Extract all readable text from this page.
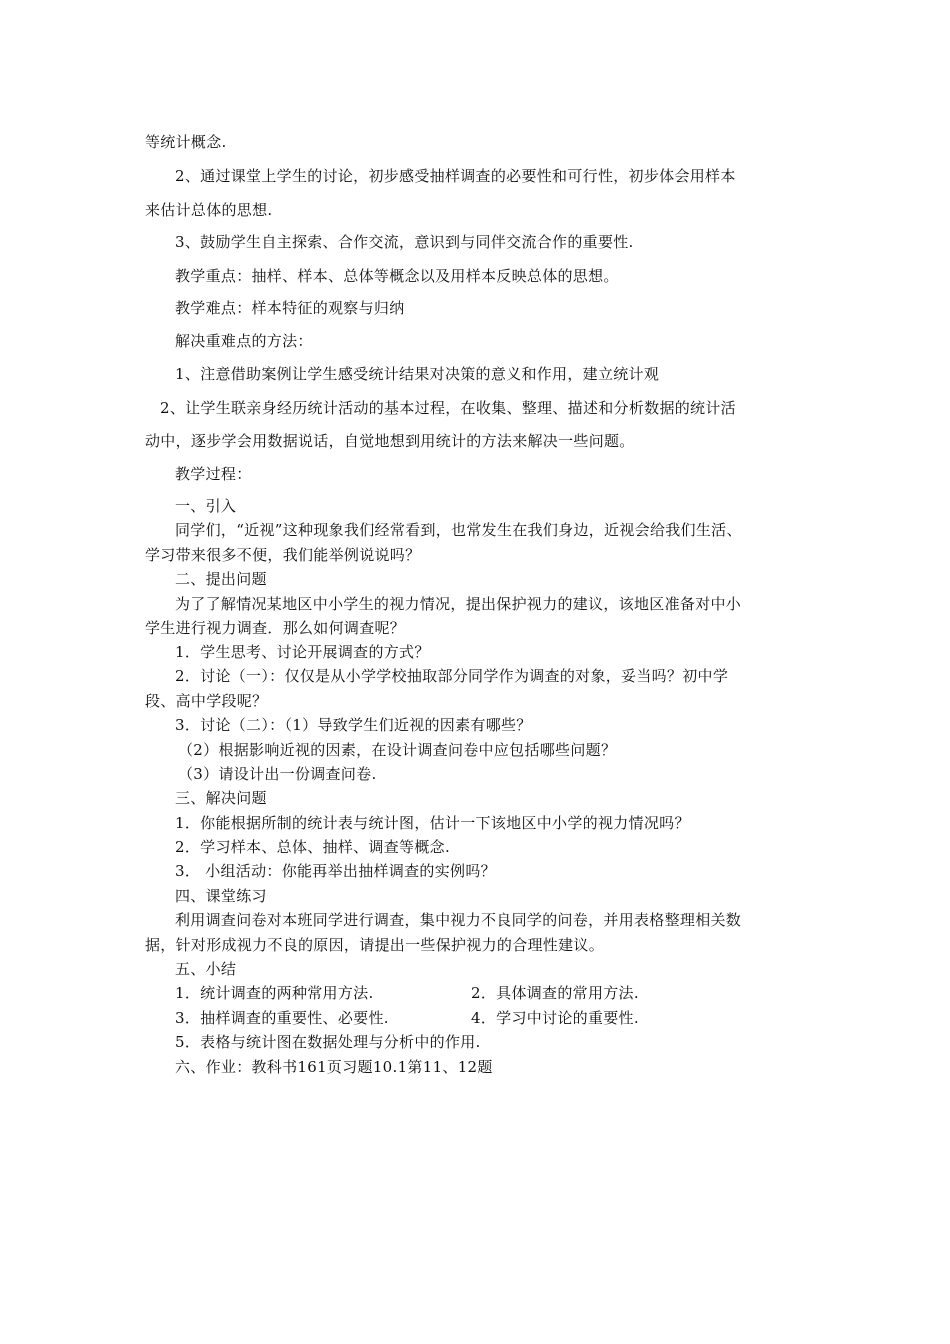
等统计概念.
2、通过课堂上学生的讨论，初步感受抽样调查的必要性和可行性，初步体会用样本
来估计总体的思想.
3、鼓励学生自主探索、合作交流，意识到与同伴交流合作的重要性.
教学重点：抽样、样本、总体等概念以及用样本反映总体的思想。
教学难点：样本特征的观察与归纳
解决重难点的方法：
1、注意借助案例让学生感受统计结果对决策的意义和作用，建立统计观
2、让学生联亲身经历统计活动的基本过程，在收集、整理、描述和分析数据的统计活
动中，逐步学会用数据说话，自觉地想到用统计的方法来解决一些问题。
教学过程：
一、引入
同学们，“近视”这种现象我们经常看到，也常发生在我们身边，近视会给我们生活、
学习带来很多不便，我们能举例说说吗？
二、提出问题
为了了解情况某地区中小学生的视力情况，提出保护视力的建议，该地区准备对中小
学生进行视力调查．那么如何调查呢？
1．学生思考、讨论开展调查的方式？
2．讨论（一）：仅仅是从小学学校抽取部分同学作为调查的对象，妥当吗？初中学
段、高中学段呢？
3．讨论（二）：（1）导致学生们近视的因素有哪些？
（2）根据影响近视的因素，在设计调查问卷中应包括哪些问题？
（3）请设计出一份调查问卷.
三、解决问题
1．你能根据所制的统计表与统计图，估计一下该地区中小学的视力情况吗？
2．学习样本、总体、抽样、调查等概念.
3． 小组活动：你能再举出抽样调查的实例吗？
四、课堂练习
利用调查问卷对本班同学进行调查，集中视力不良同学的问卷，并用表格整理相关数
据，针对形成视力不良的原因，请提出一些保护视力的合理性建议。
五、小结
1．统计调查的两种常用方法.	2．具体调查的常用方法.
3．抽样调查的重要性、必要性.	4．学习中讨论的重要性.
5．表格与统计图在数据处理与分析中的作用.
六、作业：教科书161页习题10.1第11、12题
